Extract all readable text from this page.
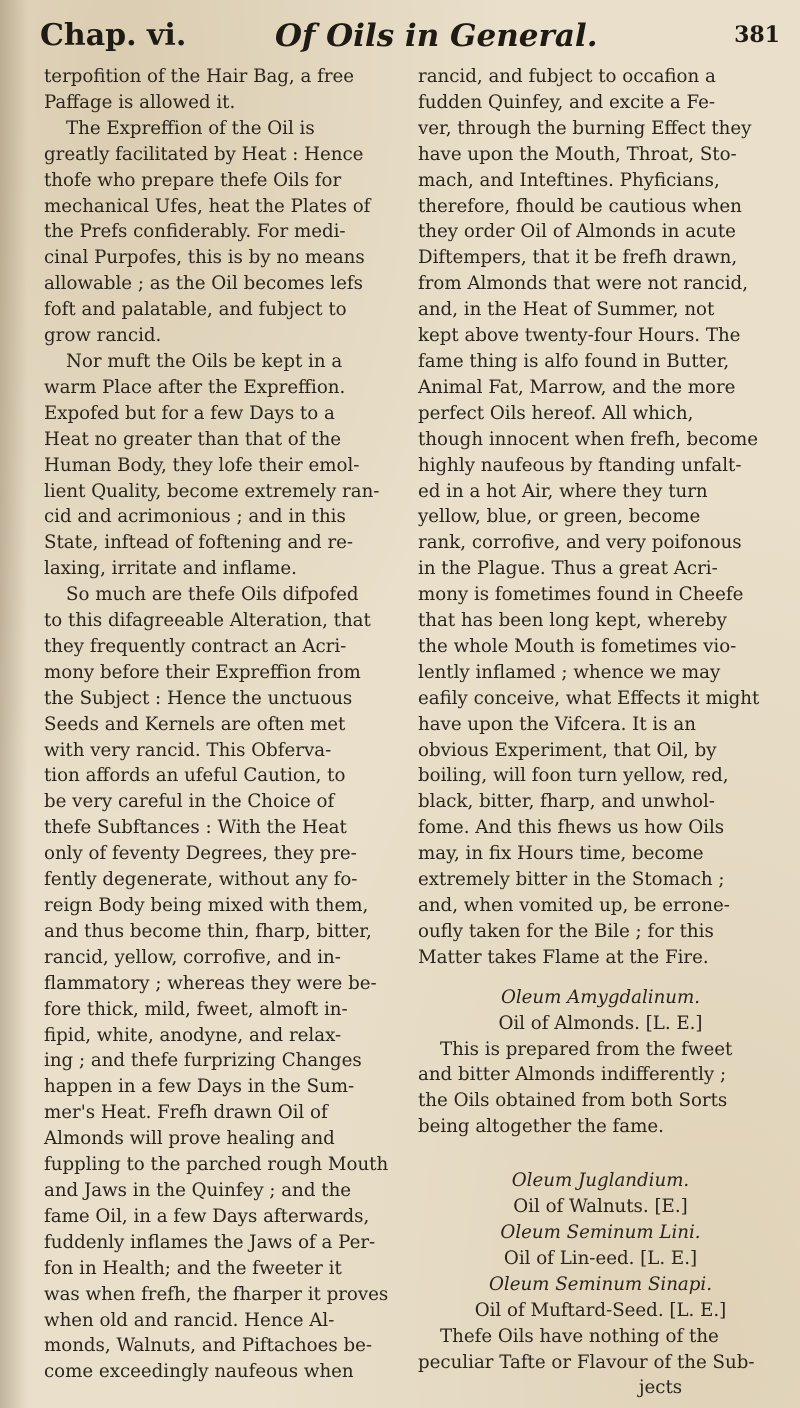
Chap. vi.	Of Oils in General.	381
terpofition of the Hair Bag, a free
Paffage is allowed it.
The Expreffion of the Oil is
greatly facilitated by Heat : Hence
thofe who prepare thefe Oils for
mechanical Ufes, heat the Plates of
the Prefs confiderably. For medi-
cinal Purpofes, this is by no means
allowable ; as the Oil becomes lefs
foft and palatable, and fubject to
grow rancid.
Nor muft the Oils be kept in a
warm Place after the Expreffion.
Expofed but for a few Days to a
Heat no greater than that of the
Human Body, they lofe their emol-
lient Quality, become extremely ran-
cid and acrimonious ; and in this
State, inftead of foftening and re-
laxing, irritate and inflame.
So much are thefe Oils difpofed
to this difagreeable Alteration, that
they frequently contract an Acri-
mony before their Expreffion from
the Subject : Hence the unctuous
Seeds and Kernels are often met
with very rancid. This Obferva-
tion affords an ufeful Caution, to
be very careful in the Choice of
thefe Subftances : With the Heat
only of feventy Degrees, they pre-
fently degenerate, without any fo-
reign Body being mixed with them,
and thus become thin, fharp, bitter,
rancid, yellow, corrofive, and in-
flammatory ; whereas they were be-
fore thick, mild, fweet, almoft in-
fipid, white, anodyne, and relax-
ing ; and thefe furprizing Changes
happen in a few Days in the Sum-
mer's Heat. Frefh drawn Oil of
Almonds will prove healing and
fuppling to the parched rough Mouth
and Jaws in the Quinfey ; and the
fame Oil, in a few Days afterwards,
fuddenly inflames the Jaws of a Per-
fon in Health; and the fweeter it
was when frefh, the fharper it proves
when old and rancid. Hence Al-
monds, Walnuts, and Piftachoes be-
come exceedingly naufeous when
rancid, and fubject to occafion a
fudden Quinfey, and excite a Fe-
ver, through the burning Effect they
have upon the Mouth, Throat, Sto-
mach, and Inteftines. Phyficians,
therefore, fhould be cautious when
they order Oil of Almonds in acute
Diftempers, that it be frefh drawn,
from Almonds that were not rancid,
and, in the Heat of Summer, not
kept above twenty-four Hours. The
fame thing is alfo found in Butter,
Animal Fat, Marrow, and the more
perfect Oils hereof. All which,
though innocent when frefh, become
highly naufeous by ftanding unfalt-
ed in a hot Air, where they turn
yellow, blue, or green, become
rank, corrofive, and very poifonous
in the Plague. Thus a great Acri-
mony is fometimes found in Cheefe
that has been long kept, whereby
the whole Mouth is fometimes vio-
lently inflamed ; whence we may
eafily conceive, what Effects it might
have upon the Vifcera. It is an
obvious Experiment, that Oil, by
boiling, will foon turn yellow, red,
black, bitter, fharp, and unwhol-
fome. And this fhews us how Oils
may, in fix Hours time, become
extremely bitter in the Stomach ;
and, when vomited up, be errone-
oufly taken for the Bile ; for this
Matter takes Flame at the Fire.
Oleum Amygdalinum.
Oil of Almonds. [L. E.]
This is prepared from the fweet
and bitter Almonds indifferently ;
the Oils obtained from both Sorts
being altogether the fame.
Oleum Juglandium.
Oil of Walnuts. [E.]
Oleum Seminum Lini.
Oil of Lin-eed. [L. E.]
Oleum Seminum Sinapi.
Oil of Muftard-Seed. [L. E.]
Thefe Oils have nothing of the
peculiar Tafte or Flavour of the Sub-
jects
